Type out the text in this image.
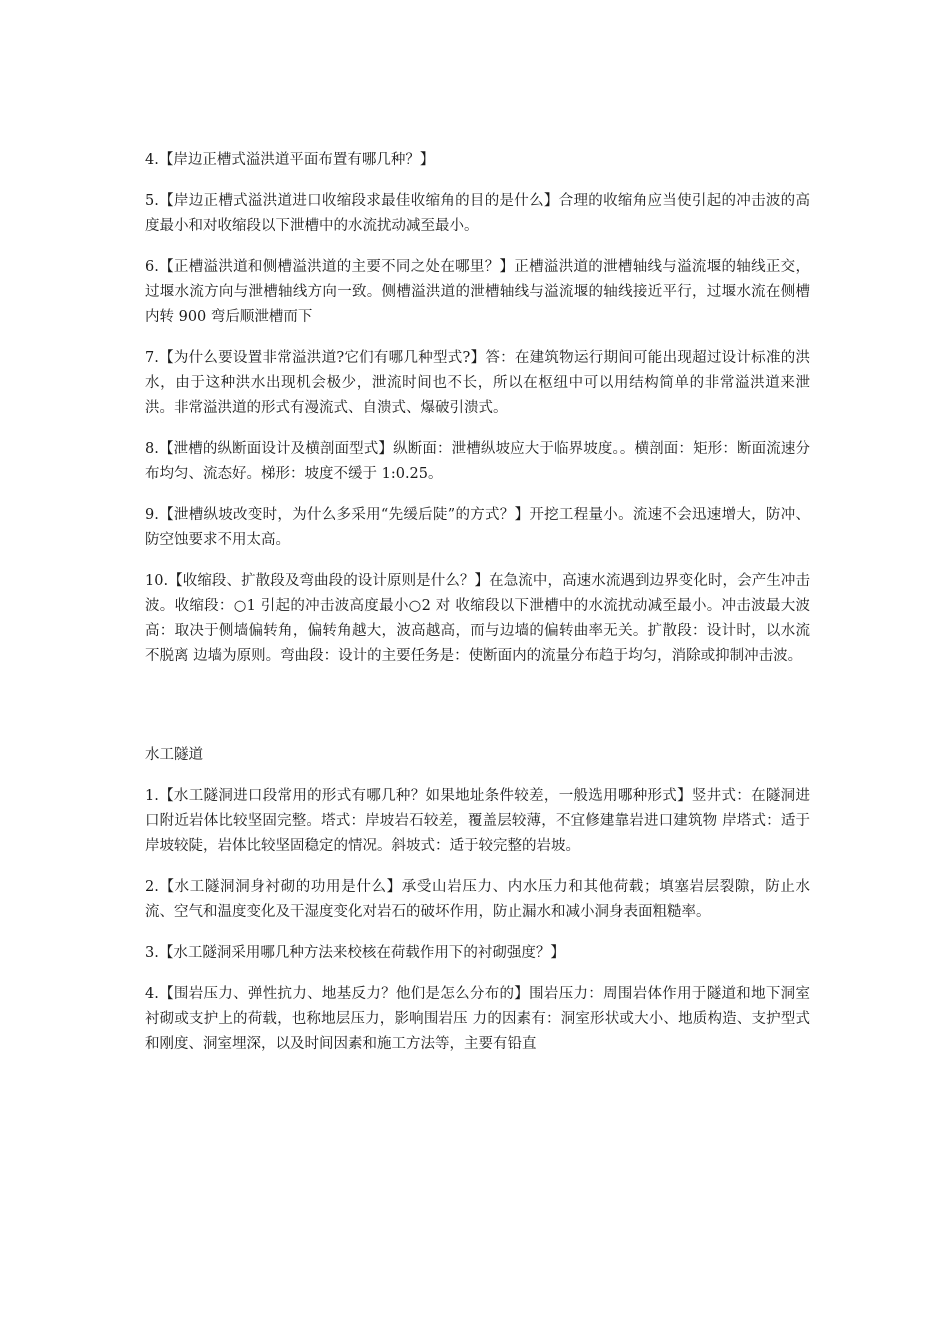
4.【岸边正槽式溢洪道平面布置有哪几种？】

5.【岸边正槽式溢洪道进口收缩段求最佳收缩角的目的是什么】合理的收缩角应当使引起的冲击波的高度最小和对收缩段以下泄槽中的水流扰动减至最小。

6.【正槽溢洪道和侧槽溢洪道的主要不同之处在哪里？】正槽溢洪道的泄槽轴线与溢流堰的轴线正交，过堰水流方向与泄槽轴线方向一致。侧槽溢洪道的泄槽轴线与溢流堰的轴线接近平行，过堰水流在侧槽内转 900 弯后顺泄槽而下

7.【为什么要设置非常溢洪道?它们有哪几种型式?】答：在建筑物运行期间可能出现超过设计标准的洪水，由于这种洪水出现机会极少，泄流时间也不长，所以在枢纽中可以用结构简单的非常溢洪道来泄洪。非常溢洪道的形式有漫流式、自溃式、爆破引溃式。

8.【泄槽的纵断面设计及横剖面型式】纵断面：泄槽纵坡应大于临界坡度。。横剖面：矩形：断面流速分布均匀、流态好。梯形：坡度不缓于 1:0.25。

9.【泄槽纵坡改变时，为什么多采用“先缓后陡”的方式？】开挖工程量小。流速不会迅速增大，防冲、防空蚀要求不用太高。

10.【收缩段、扩散段及弯曲段的设计原则是什么？】在急流中，高速水流遇到边界变化时，会产生冲击波。收缩段：○1 引起的冲击波高度最小○2 对 收缩段以下泄槽中的水流扰动减至最小。冲击波最大波高：取决于侧墙偏转角，偏转角越大，波高越高，而与边墙的偏转曲率无关。扩散段：设计时，以水流不脱离 边墙为原则。弯曲段：设计的主要任务是：使断面内的流量分布趋于均匀，消除或抑制冲击波。

水工隧道

1.【水工隧洞进口段常用的形式有哪几种？如果地址条件较差，一般选用哪种形式】竖井式：在隧洞进口附近岩体比较坚固完整。塔式：岸坡岩石较差，覆盖层较薄，不宜修建靠岩进口建筑物 岸塔式：适于岸坡较陡，岩体比较坚固稳定的情况。斜坡式：适于较完整的岩坡。

2.【水工隧洞洞身衬砌的功用是什么】承受山岩压力、内水压力和其他荷载；填塞岩层裂隙，防止水流、空气和温度变化及干湿度变化对岩石的破坏作用，防止漏水和减小洞身表面粗糙率。

3.【水工隧洞采用哪几种方法来校核在荷载作用下的衬砌强度？】

4.【围岩压力、弹性抗力、地基反力？他们是怎么分布的】围岩压力：周围岩体作用于隧道和地下洞室衬砌或支护上的荷载，也称地层压力，影响围岩压 力的因素有：洞室形状或大小、地质构造、支护型式和刚度、洞室埋深，以及时间因素和施工方法等，主要有铅直
